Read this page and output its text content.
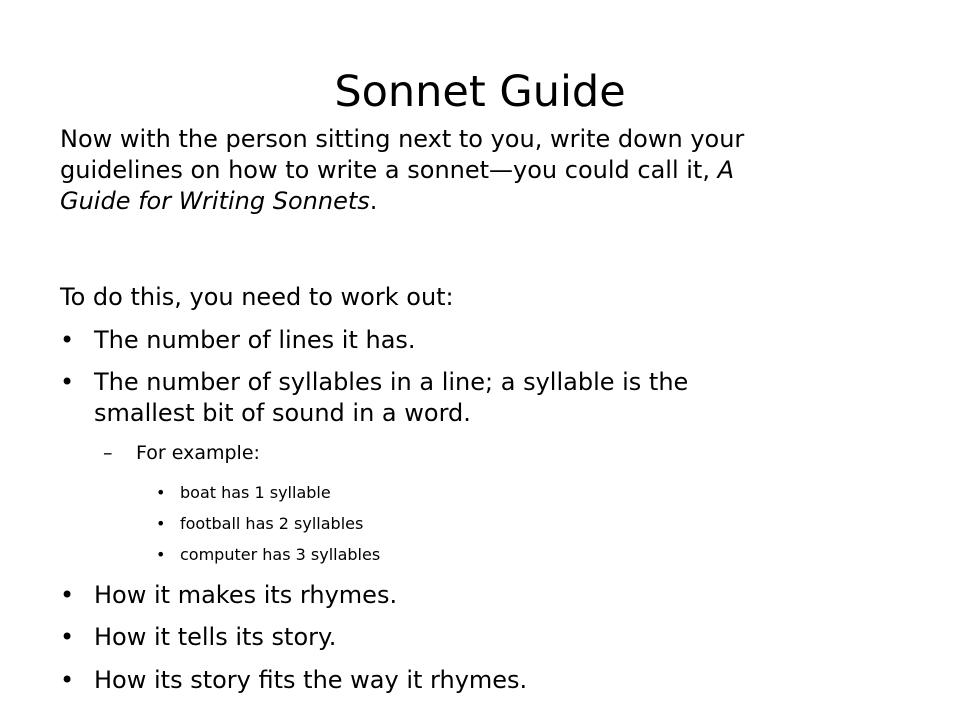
Sonnet Guide
Now with the person sitting next to you, write down your
guidelines on how to write a sonnet—you could call it, A
Guide for Writing Sonnets.
To do this, you need to work out:
• The number of lines it has.
• The number of syllables in a line; a syllable is the
smallest bit of sound in a word.
– For example:
• boat has 1 syllable
• football has 2 syllables
• computer has 3 syllables
• How it makes its rhymes.
• How it tells its story.
• How its story fits the way it rhymes.
